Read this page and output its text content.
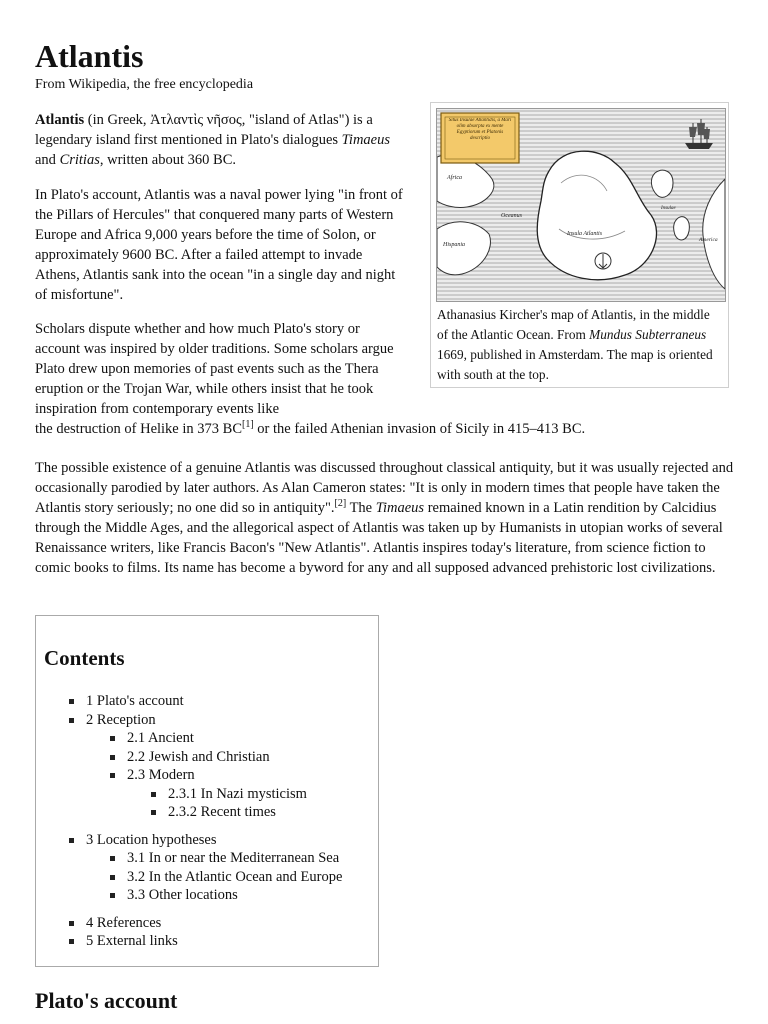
Atlantis
From Wikipedia, the free encyclopedia

Atlantis (in Greek, Ἀτλαντὶς νῆσος, "island of Atlas") is a legendary island first mentioned in Plato's dialogues Timaeus and Critias, written about 360 BC.

In Plato's account, Atlantis was a naval power lying "in front of the Pillars of Hercules" that conquered many parts of Western Europe and Africa 9,000 years before the time of Solon, or approximately 9600 BC. After a failed attempt to invade Athens, Atlantis sank into the ocean "in a single day and night of misfortune".

Scholars dispute whether and how much Plato's story or account was inspired by older traditions. Some scholars argue Plato drew upon memories of past events such as the Thera eruption or the Trojan War, while others insist that he took inspiration from contemporary events like
the destruction of Helike in 373 BC[1] or the failed Athenian invasion of Sicily in 415–413 BC.

The possible existence of a genuine Atlantis was discussed throughout classical antiquity, but it was usually rejected and occasionally parodied by later authors. As Alan Cameron states: "It is only in modern times that people have taken the Atlantis story seriously; no one did so in antiquity".[2] The Timaeus remained known in a Latin rendition by Calcidius through the Middle Ages, and the allegorical aspect of Atlantis was taken up by Humanists in utopian works of several Renaissance writers, like Francis Bacon's "New Atlantis". Atlantis inspires today's literature, from science fiction to comic books to films. Its name has become a byword for any and all supposed advanced prehistoric lost civilizations.

Contents
1 Plato's account
2 Reception
2.1 Ancient
2.2 Jewish and Christian
2.3 Modern
2.3.1 In Nazi mysticism
2.3.2 Recent times
3 Location hypotheses
3.1 In or near the Mediterranean Sea
3.2 In the Atlantic Ocean and Europe
3.3 Other locations
4 References
5 External links
Plato's account
Situs Insulae Atlantidis, a Mari olim absorpta ex mente Egyptiorum et Platonis descriptio
Africa
Hispania
Oceanus
Insula Atlantis
America
Insulae
Athanasius Kircher's map of Atlantis, in the middle of the Atlantic Ocean. From Mundus Subterraneus 1669, published in Amsterdam. The map is oriented with south at the top.
